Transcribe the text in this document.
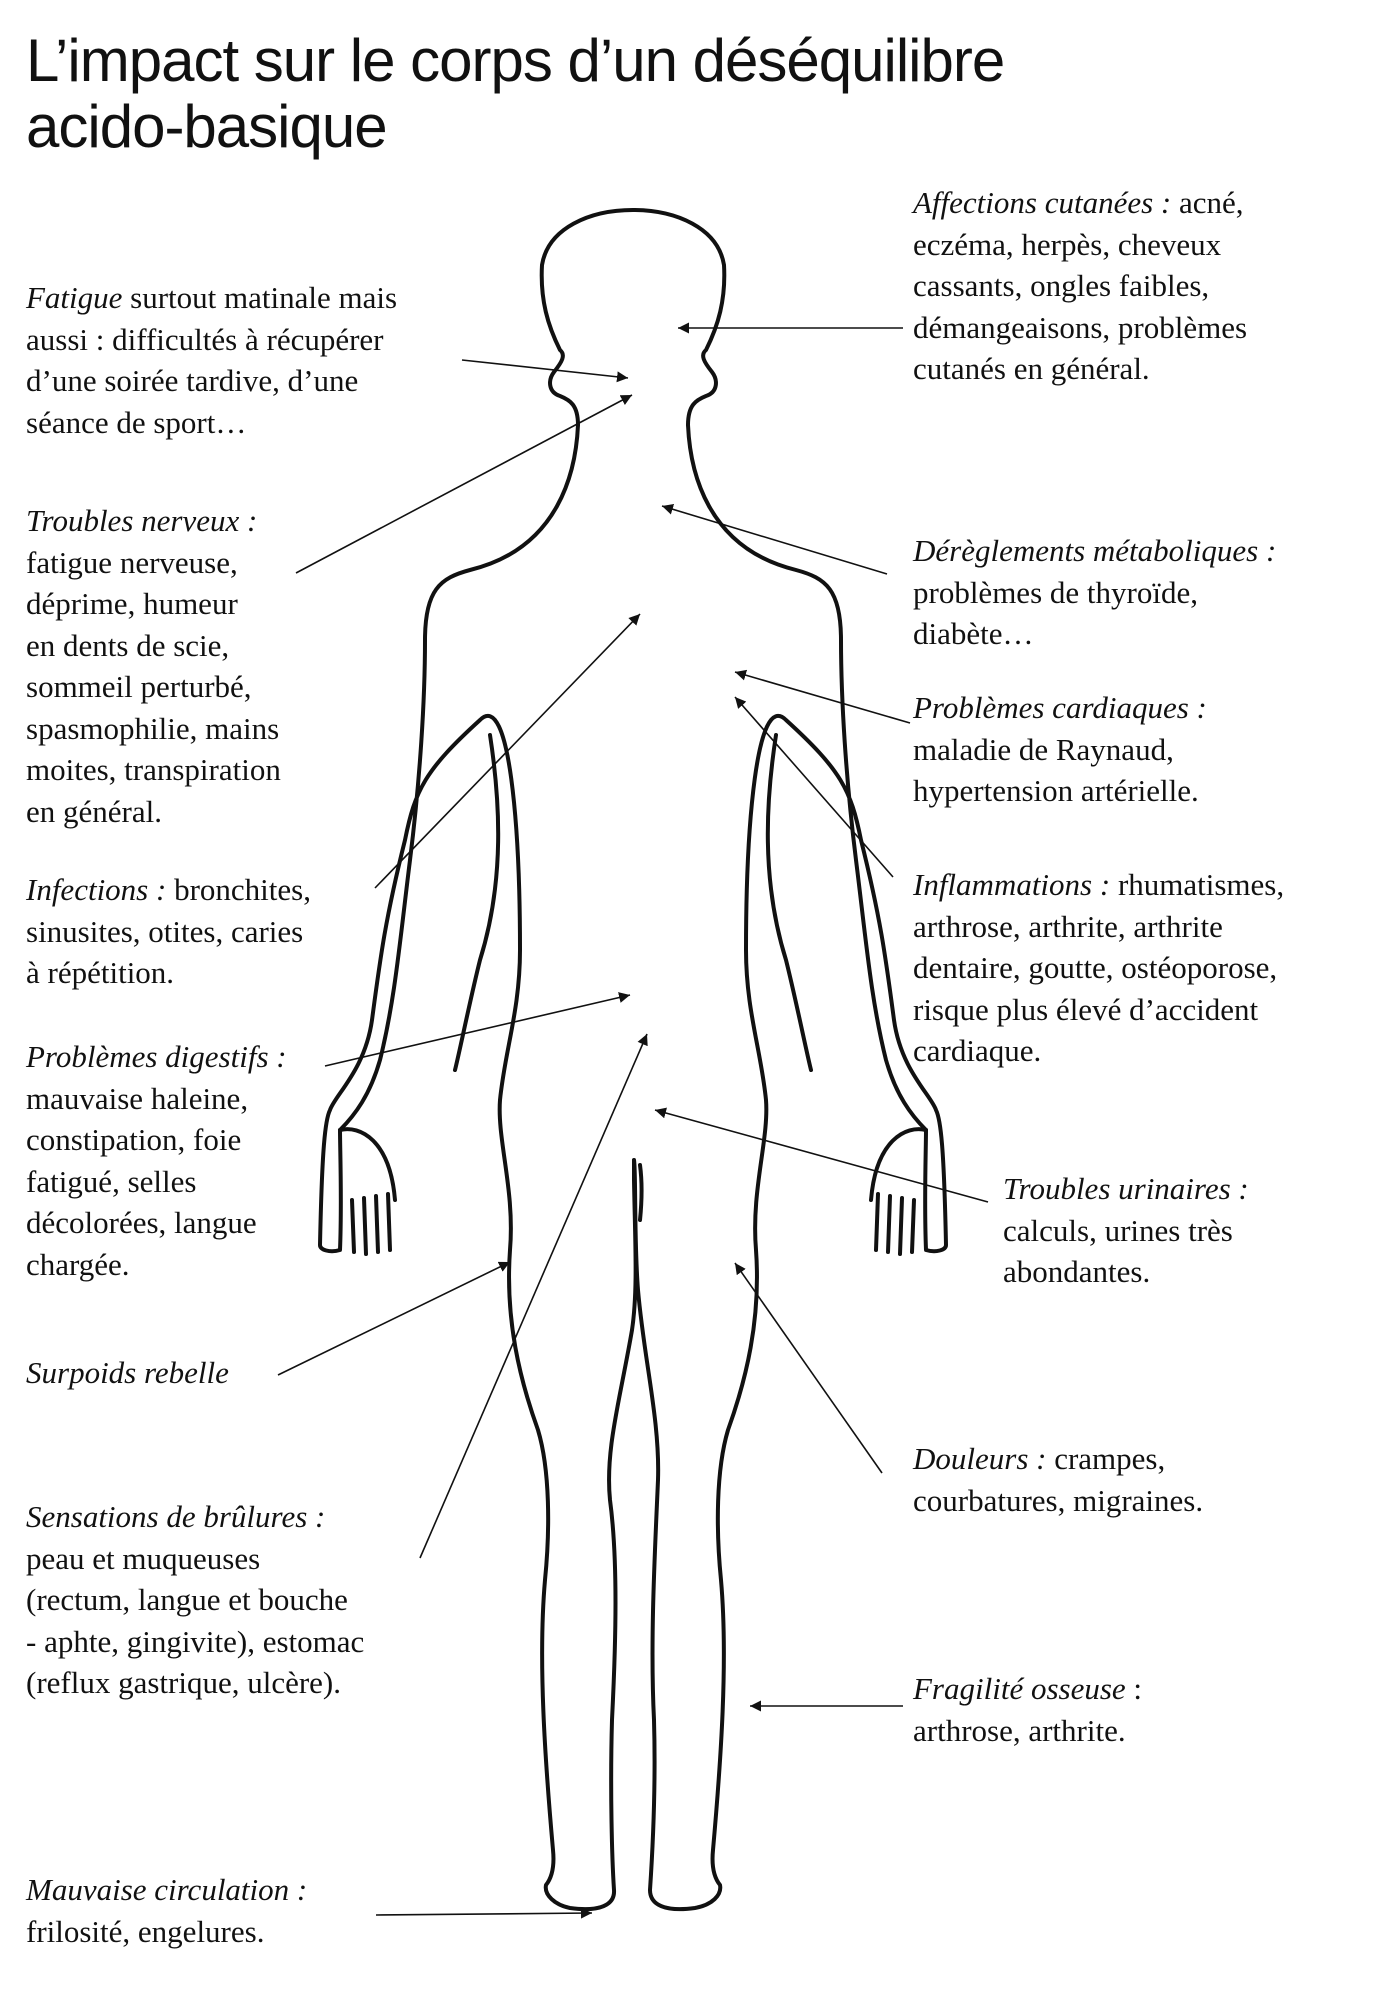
L’impact sur le corps d’un déséquilibre
acido-basique
Fatigue surtout matinale mais
aussi : difficultés à récupérer
d’une soirée tardive, d’une
séance de sport…
Troubles nerveux :
fatigue nerveuse,
déprime, humeur
en dents de scie,
sommeil perturbé,
spasmophilie, mains
moites, transpiration
en général.
Infections : bronchites,
sinusites, otites, caries
à répétition.
Problèmes digestifs :
mauvaise haleine,
constipation, foie
fatigué, selles
décolorées, langue
chargée.
Surpoids rebelle
Sensations de brûlures :
peau et muqueuses
(rectum, langue et bouche
- aphte, gingivite), estomac
(reflux gastrique, ulcère).
Mauvaise circulation :
frilosité, engelures.
Affections cutanées : acné,
eczéma, herpès, cheveux
cassants, ongles faibles,
démangeaisons, problèmes
cutanés en général.
Dérèglements métaboliques :
problèmes de thyroïde,
diabète…
Problèmes cardiaques :
maladie de Raynaud,
hypertension artérielle.
Inflammations : rhumatismes,
arthrose, arthrite, arthrite
dentaire, goutte, ostéoporose,
risque plus élevé d’accident
cardiaque.
Troubles urinaires :
calculs, urines très
abondantes.
Douleurs : crampes,
courbatures, migraines.
Fragilité osseuse :
arthrose, arthrite.
